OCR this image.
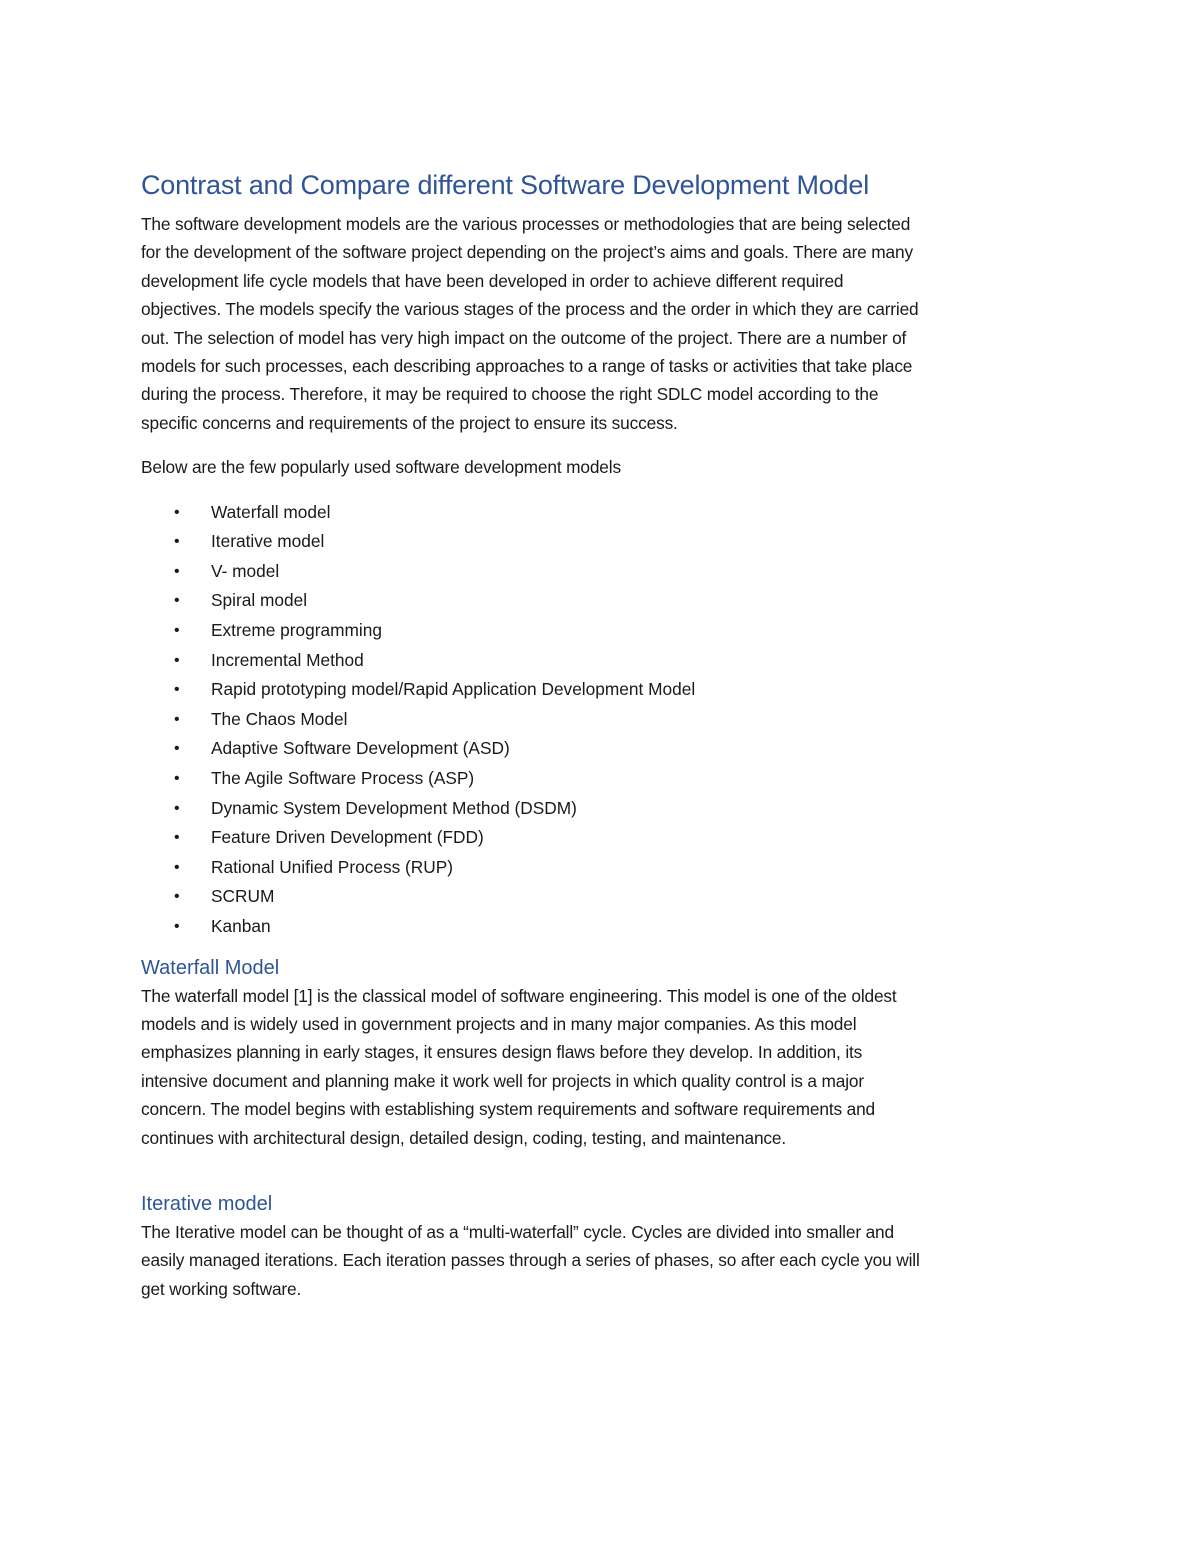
Contrast and Compare different Software Development Model
The software development models are the various processes or methodologies that are being selected
for the development of the software project depending on the project’s aims and goals. There are many
development life cycle models that have been developed in order to achieve different required
objectives. The models specify the various stages of the process and the order in which they are carried
out. The selection of model has very high impact on the outcome of the project. There are a number of
models for such processes, each describing approaches to a range of tasks or activities that take place
during the process. Therefore, it may be required to choose the right SDLC model according to the
specific concerns and requirements of the project to ensure its success.

Below are the few popularly used software development models

• Waterfall model
• Iterative model
• V- model
• Spiral model
• Extreme programming
• Incremental Method
• Rapid prototyping model/Rapid Application Development Model
• The Chaos Model
• Adaptive Software Development (ASD)
• The Agile Software Process (ASP)
• Dynamic System Development Method (DSDM)
• Feature Driven Development (FDD)
• Rational Unified Process (RUP)
• SCRUM
• Kanban
Waterfall Model
The waterfall model [1] is the classical model of software engineering. This model is one of the oldest
models and is widely used in government projects and in many major companies. As this model
emphasizes planning in early stages, it ensures design flaws before they develop. In addition, its
intensive document and planning make it work well for projects in which quality control is a major
concern. The model begins with establishing system requirements and software requirements and
continues with architectural design, detailed design, coding, testing, and maintenance.
Iterative model
The Iterative model can be thought of as a “multi-waterfall” cycle. Cycles are divided into smaller and
easily managed iterations. Each iteration passes through a series of phases, so after each cycle you will
get working software.
